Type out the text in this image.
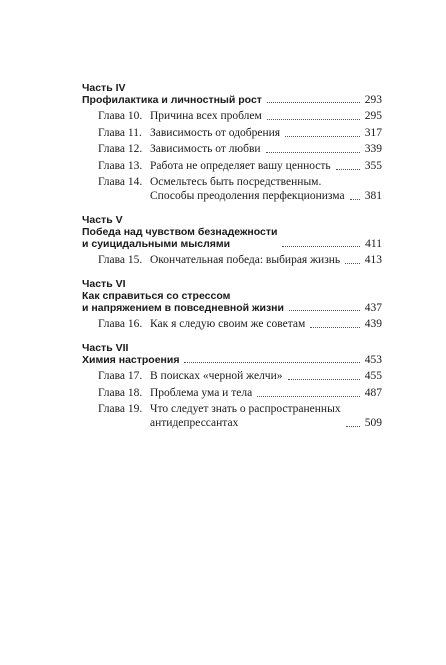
Часть IV
Профилактика и личностный рост	293
Глава 10. Причина всех проблем	295
Глава 11. Зависимость от одобрения	317
Глава 12. Зависимость от любви	339
Глава 13. Работа не определяет вашу ценность	355
Глава 14. Осмельтесь быть посредственным.
Способы преодоления перфекционизма 381
Часть V
Победа над чувством безнадежности
и суицидальными мыслями	411
Глава 15. Окончательная победа: выбирая жизнь 413
Часть VI
Как справиться со стрессом
и напряжением в повседневной жизни	437
Глава 16. Как я следую своим же советам	439
Часть VII
Химия настроения	453
Глава 17. В поисках «черной желчи»	455
Глава 18. Проблема ума и тела	487
Глава 19. Что следует знать о распространенных
антидепрессантах	509
